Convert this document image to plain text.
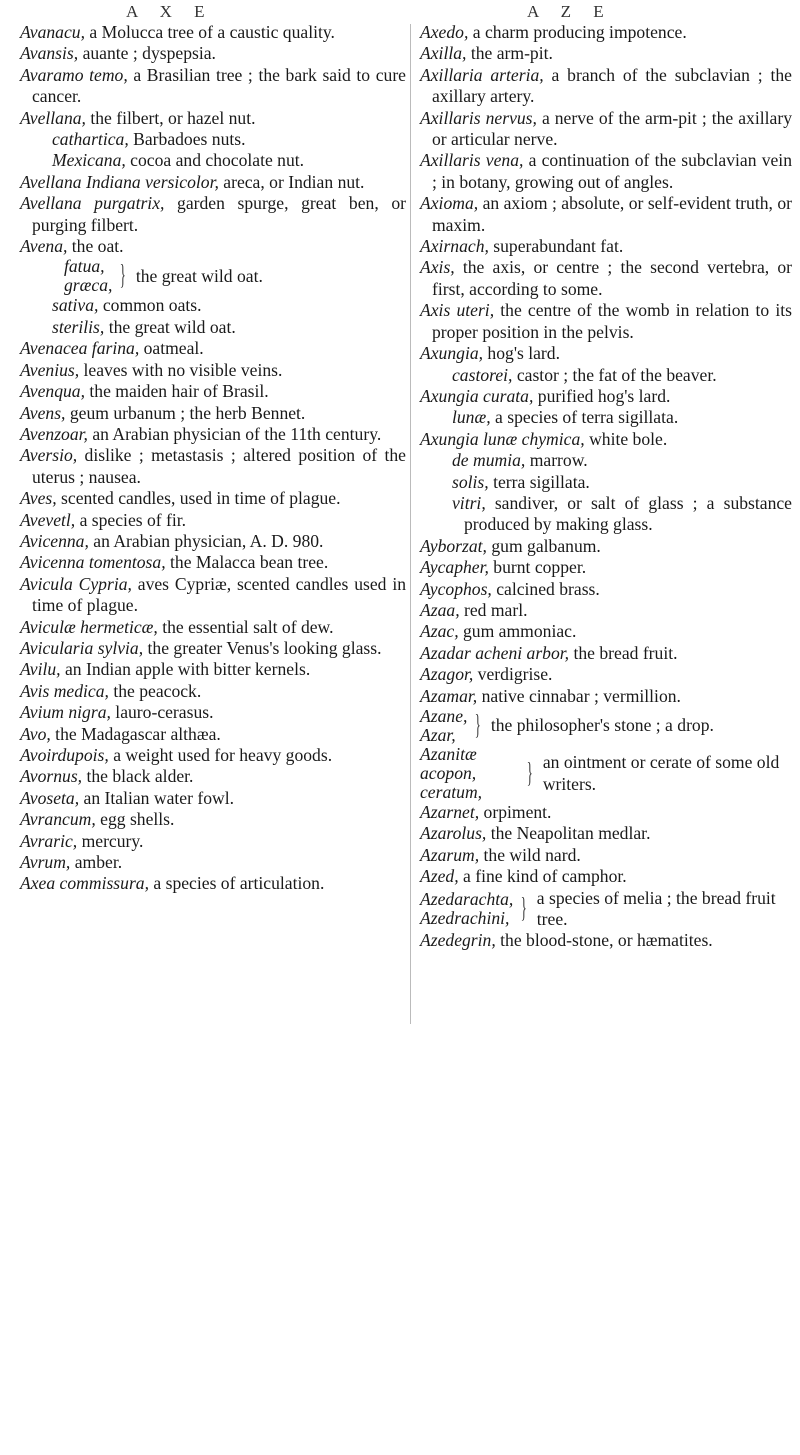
A X E	A Z E
Avanacu, a Molucca tree of a caustic quality.
Avansis, auante ; dyspepsia.
Avaramo temo, a Brasilian tree ; the bark said to cure cancer.
Avellana, the filbert, or hazel nut.
cathartica, Barbadoes nuts.
Mexicana, cocoa and chocolate nut.
Avellana Indiana versicolor, areca, or Indian nut.
Avellana purgatrix, garden spurge, great ben, or purging filbert.
Avena, the oat.
fatua,
græca, } the great wild oat.
sativa, common oats.
sterilis, the great wild oat.
Avenacea farina, oatmeal.
Avenius, leaves with no visible veins.
Avenqua, the maiden hair of Brasil.
Avens, geum urbanum ; the herb Bennet.
Avenzoar, an Arabian physician of the 11th century.
Aversio, dislike ; metastasis ; altered position of the uterus ; nausea.
Aves, scented candles, used in time of plague.
Avevetl, a species of fir.
Avicenna, an Arabian physician, A. D. 980.
Avicenna tomentosa, the Malacca bean tree.
Avicula Cypria, aves Cypriæ, scented candles used in time of plague.
Aviculæ hermeticæ, the essential salt of dew.
Avicularia sylvia, the greater Venus's looking glass.
Avilu, an Indian apple with bitter kernels.
Avis medica, the peacock.
Avium nigra, lauro-cerasus.
Avo, the Madagascar althæa.
Avoirdupois, a weight used for heavy goods.
Avornus, the black alder.
Avoseta, an Italian water fowl.
Avrancum, egg shells.
Avraric, mercury.
Avrum, amber.
Axea commissura, a species of articulation.
Axedo, a charm producing impotence.
Axilla, the arm-pit.
Axillaria arteria, a branch of the subclavian ; the axillary artery.
Axillaris nervus, a nerve of the arm-pit ; the axillary or articular nerve.
Axillaris vena, a continuation of the subclavian vein ; in botany, growing out of angles.
Axioma, an axiom ; absolute, or self-evident truth, or maxim.
Axirnach, superabundant fat.
Axis, the axis, or centre ; the second vertebra, or first, according to some.
Axis uteri, the centre of the womb in relation to its proper position in the pelvis.
Axungia, hog's lard.
castorei, castor ; the fat of the beaver.
Axungia curata, purified hog's lard.
lunæ, a species of terra sigillata.
Axungia lunæ chymica, white bole.
de mumia, marrow.
solis, terra sigillata.
vitri, sandiver, or salt of glass ; a substance produced by making glass.
Ayborzat, gum galbanum.
Aycapher, burnt copper.
Aycophos, calcined brass.
Azaa, red marl.
Azac, gum ammoniac.
Azadar acheni arbor, the bread fruit.
Azagor, verdigrise.
Azamar, native cinnabar ; vermillion.
Azane,
Azar, } the philosopher's stone ; a drop.
Azanitæ acopon,
ceratum,
} an ointment or cerate of some old writers.
Azarnet, orpiment.
Azarolus, the Neapolitan medlar.
Azarum, the wild nard.
Azed, a fine kind of camphor.
Azedarachta,
Azedrachini, } a species of melia ; the bread fruit tree.
Azedegrin, the blood-stone, or hæmatites.
